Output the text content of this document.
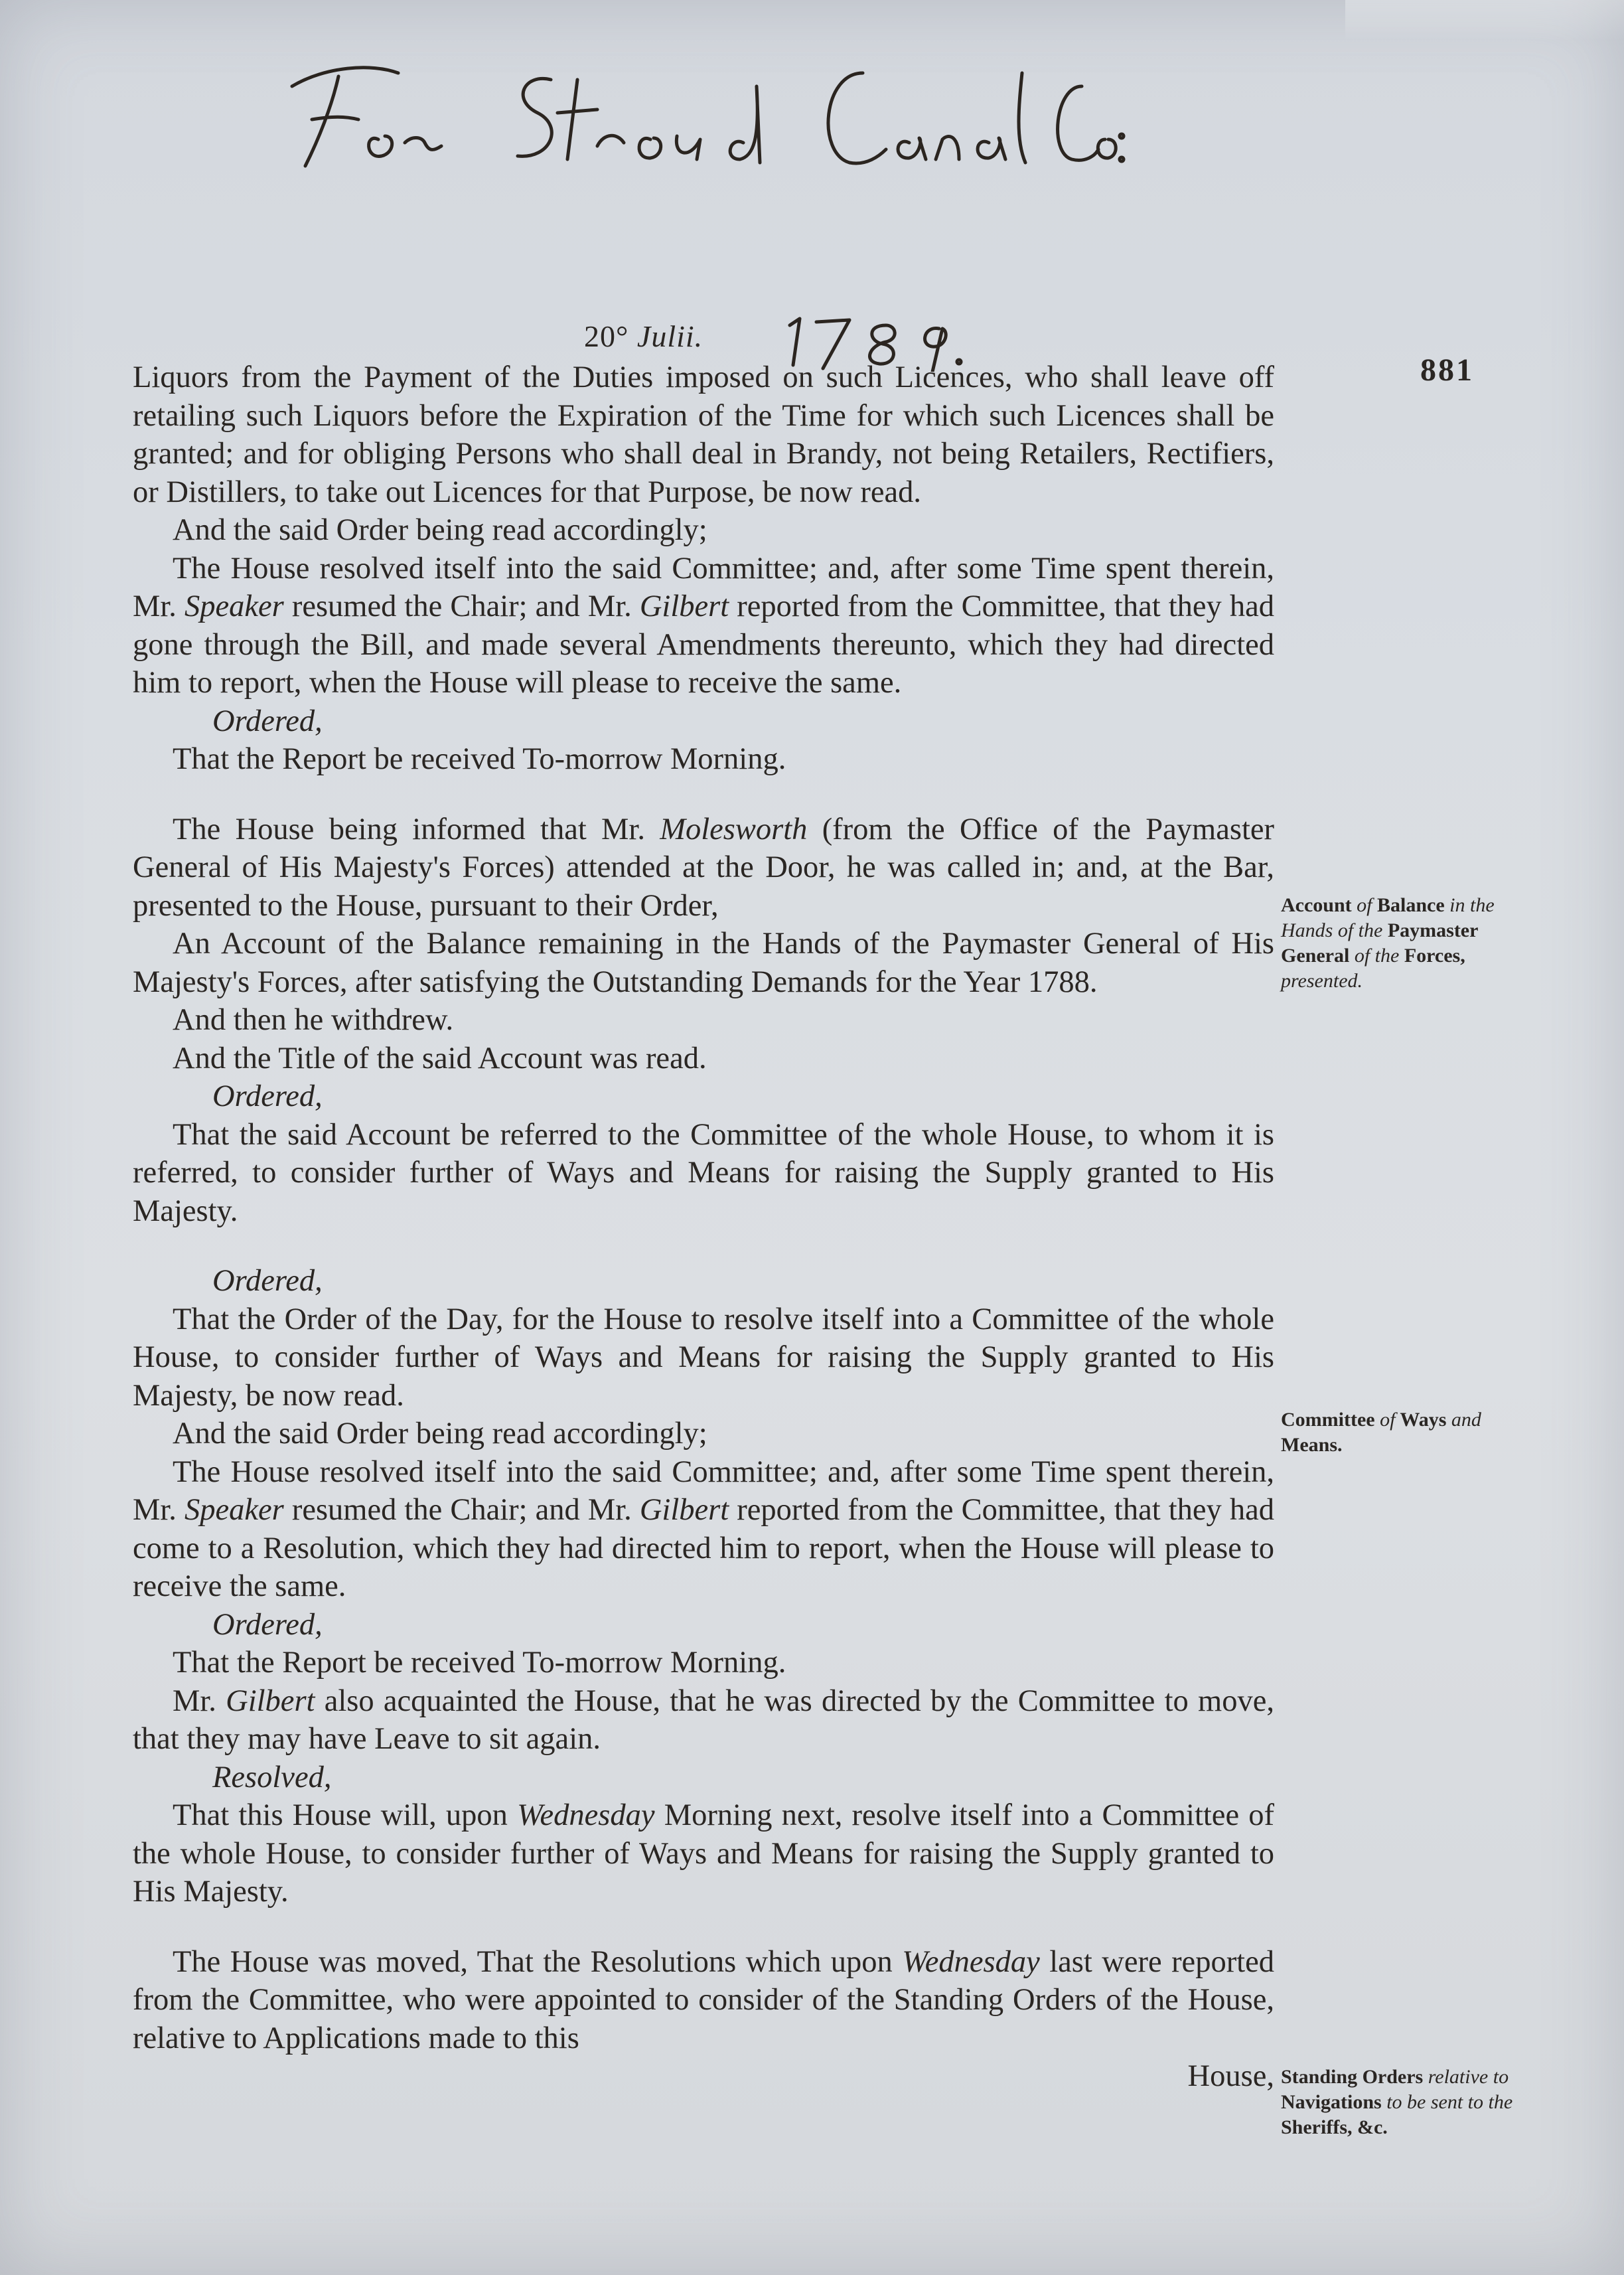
20° Julii.
881

Liquors from the Payment of the Duties imposed on such Licences, who shall leave off retailing such Liquors before the Expiration of the Time for which such Licences shall be granted; and for obliging Persons who shall deal in Brandy, not being Retailers, Rectifiers, or Distillers, to take out Licences for that Purpose, be now read.

And the said Order being read accordingly;

The House resolved itself into the said Committee; and, after some Time spent therein, Mr. Speaker resumed the Chair; and Mr. Gilbert reported from the Committee, that they had gone through the Bill, and made several Amendments thereunto, which they had directed him to report, when the House will please to receive the same.

Ordered,

That the Report be received To-morrow Morning.

The House being informed that Mr. Molesworth (from the Office of the Paymaster General of His Majesty's Forces) attended at the Door, he was called in; and, at the Bar, presented to the House, pursuant to their Order,

An Account of the Balance remaining in the Hands of the Paymaster General of His Majesty's Forces, after satisfying the Outstanding Demands for the Year 1788.

And then he withdrew.

And the Title of the said Account was read.

Ordered,

That the said Account be referred to the Committee of the whole House, to whom it is referred, to consider further of Ways and Means for raising the Supply granted to His Majesty.

Ordered,

That the Order of the Day, for the House to resolve itself into a Committee of the whole House, to consider further of Ways and Means for raising the Supply granted to His Majesty, be now read.

And the said Order being read accordingly;

The House resolved itself into the said Committee; and, after some Time spent therein, Mr. Speaker resumed the Chair; and Mr. Gilbert reported from the Committee, that they had come to a Resolution, which they had directed him to report, when the House will please to receive the same.

Ordered,

That the Report be received To-morrow Morning.

Mr. Gilbert also acquainted the House, that he was directed by the Committee to move, that they may have Leave to sit again.

Resolved,

That this House will, upon Wednesday Morning next, resolve itself into a Committee of the whole House, to consider further of Ways and Means for raising the Supply granted to His Majesty.

The House was moved, That the Resolutions which upon Wednesday last were reported from the Committee, who were appointed to consider of the Standing Orders of the House, relative to Applications made to this

House,

Account of Balance in the Hands of the Paymaster General of the Forces, presented.
Committee of Ways and Means.
Standing Orders relative to Navigations to be sent to the Sheriffs, &c.
